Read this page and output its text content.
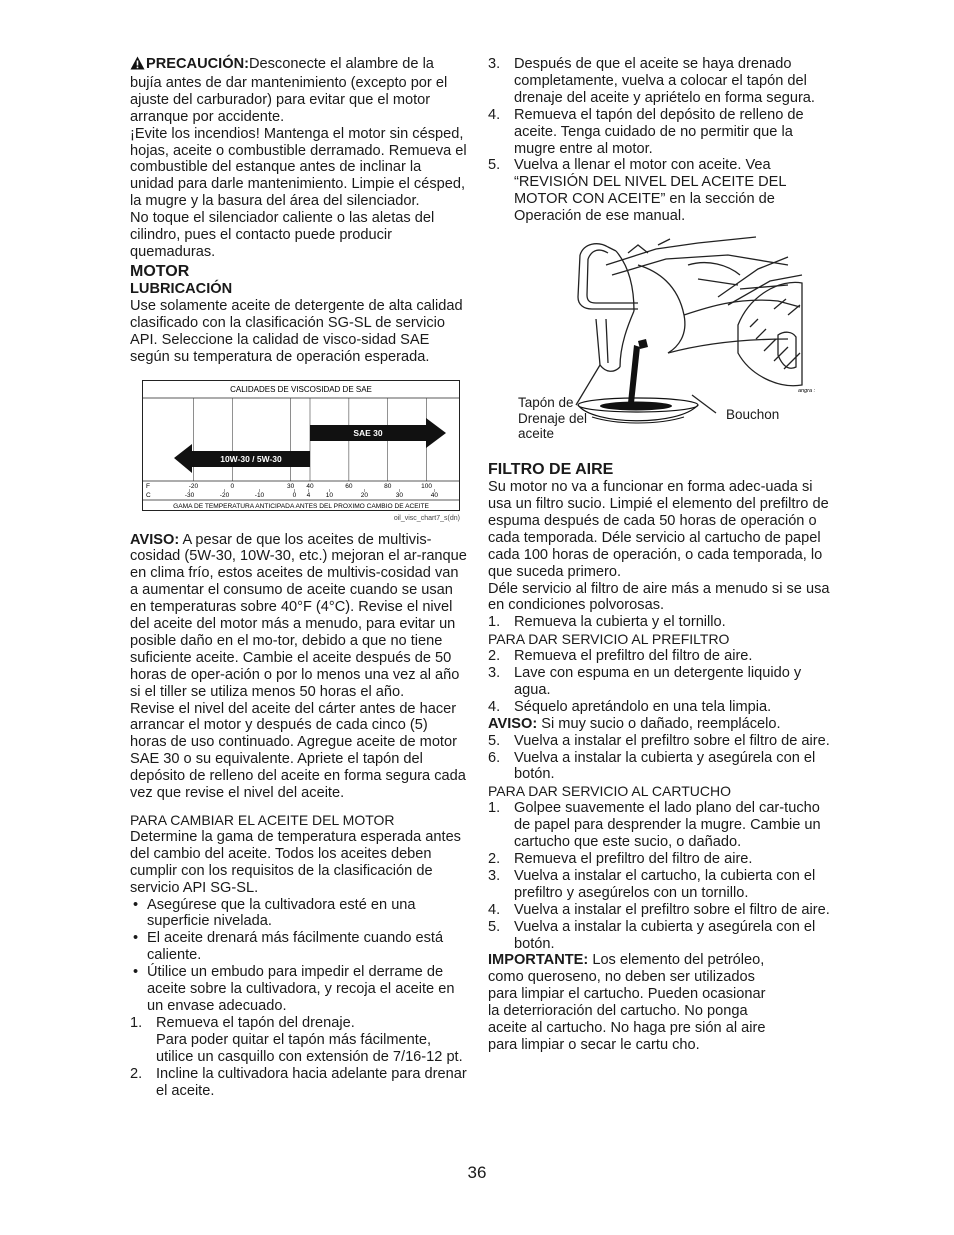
PRECAUCIÓN:Desconecte el alambre de la bujía antes de dar mantenimiento (excepto por el ajuste del carburador) para evitar que el motor arranque por accidente.

¡Evite los incendios! Mantenga el motor sin césped, hojas, aceite o combustible derramado. Remueva el combustible del estanque antes de inclinar la unidad para darle mantenimiento. Limpie el césped, la mugre y la basura del área del silenciador.

No toque el silenciador caliente o las aletas del cilindro, pues el contacto puede producir quemaduras.

MOTOR

LUBRICACIÓN

Use solamente aceite de detergente de alta calidad clasificado con la clasificación SG-SL de servicio API. Seleccione la calidad de visco-sidad SAE según su temperatura de operación esperada.

CALIDADES DE VISCOSIDAD DE SAE
SAE 30
10W-30 / 5W-30
F	-20	0	30 40	60	80	100
C	-30	-20	-10	0 4 10	20	30	40
GAMA DE TEMPERATURA ANTICIPADA ANTES DEL PROXIMO CAMBIO DE ACEITE
oil_visc_chart7_s(dn)

AVISO: A pesar de que los aceites de multivis-cosidad (5W-30, 10W-30, etc.) mejoran el ar-ranque en clima frío, estos aceites de multivis-cosidad van a aumentar el consumo de aceite cuando se usan en temperaturas sobre 40°F (4°C). Revise el nivel del aceite del motor más a menudo, para evitar un posible daño en el mo-tor, debido a que no tiene suficiente aceite. Cambie el aceite después de 50 horas de oper-ación o por lo menos una vez al año si el tiller se utiliza menos 50 horas el año.

Revise el nivel del aceite del cárter antes de hacer arrancar el motor y después de cada cinco (5) horas de uso continuado. Agregue aceite de motor SAE 30 o su equivalente. Apriete el tapón del depósito de relleno del aceite en forma segura cada vez que revise el nivel del aceite.

PARA CAMBIAR EL ACEITE DEL MOTOR

Determine la gama de temperatura esperada antes del cambio del aceite. Todos los aceites deben cumplir con los requisitos de la clasificación de servicio API SG-SL.

• Asegúrese que la cultivadora esté en una superficie nivelada.
• El aceite drenará más fácilmente cuando está caliente.
• Útilice un embudo para impedir el derrame de aceite sobre la cultivadora, y recoja el aceite en un envase adecuado.
1. Remueva el tapón del drenaje.
Para poder quitar el tapón más fácilmente, utilice un casquillo con extensión de 7/16-12 pt.
2. Incline la cultivadora hacia adelante para drenar el aceite.
3. Después de que el aceite se haya drenado completamente, vuelva a colocar el tapón del drenaje del aceite y apriételo en forma segura.
4. Remueva el tapón del depósito de relleno de aceite. Tenga cuidado de no permitir que la mugre entre al motor.
5. Vuelva a llenar el motor con aceite. Vea “REVISIÓN DEL NIVEL DEL ACEITE DEL MOTOR CON ACEITE” en la sección de Operación de ese manual.
angra :
Tapón de Drenaje del aceite
Bouchon

FILTRO DE AIRE

Su motor no va a funcionar en forma adec-uada si usa un filtro sucio. Limpié el elemento del prefiltro de espuma después de cada 50 horas de operación o cada temporada. Déle servicio al cartucho de papel cada 100 horas de operación, o cada temporada, lo que suceda primero.

Déle servicio al filtro de aire más a menudo si se usa en condiciones polvorosas.

1. Remueva la cubierta y el tornillo.

PARA DAR SERVICIO AL PREFILTRO

2. Remueva el prefiltro del filtro de aire.
3. Lave con espuma en un detergente liquido y agua.
4. Séquelo apretándolo en una tela limpia.

AVISO: Si muy sucio o dañado, reemplácelo.

5. Vuelva a instalar el prefiltro sobre el filtro de aire.
6. Vuelva a instalar la cubierta y asegúrela con el botón.

PARA DAR SERVICIO AL CARTUCHO

1. Golpee suavemente el lado plano del car-tucho de papel para desprender la mugre. Cambie un cartucho que este sucio, o dañado.
2. Remueva el prefiltro del filtro de aire.
3. Vuelva a instalar el cartucho, la cubierta con el prefiltro y asegúrelos con un tornillo.
4. Vuelva a instalar el prefiltro sobre el filtro de aire.
5. Vuelva a instalar la cubierta y asegúrela con el botón.

IMPORTANTE: Los elemento del petróleo, como queroseno, no deben ser utilizados para limpiar el cartucho. Pueden ocasionar la deterrioración del cartucho. No ponga aceite al cartucho. No haga pre sión al aire para limpiar o secar le cartu cho.

36
